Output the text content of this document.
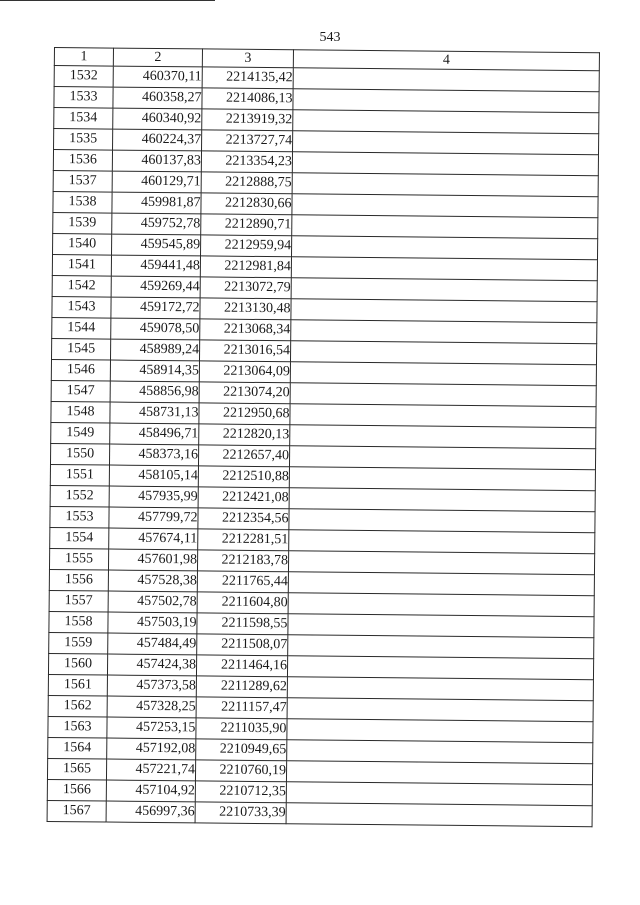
543
1	2	3	4
1532	460370,11	2214135,42	
1533	460358,27	2214086,13	
1534	460340,92	2213919,32	
1535	460224,37	2213727,74	
1536	460137,83	2213354,23	
1537	460129,71	2212888,75	
1538	459981,87	2212830,66	
1539	459752,78	2212890,71	
1540	459545,89	2212959,94	
1541	459441,48	2212981,84	
1542	459269,44	2213072,79	
1543	459172,72	2213130,48	
1544	459078,50	2213068,34	
1545	458989,24	2213016,54	
1546	458914,35	2213064,09	
1547	458856,98	2213074,20	
1548	458731,13	2212950,68	
1549	458496,71	2212820,13	
1550	458373,16	2212657,40	
1551	458105,14	2212510,88	
1552	457935,99	2212421,08	
1553	457799,72	2212354,56	
1554	457674,11	2212281,51	
1555	457601,98	2212183,78	
1556	457528,38	2211765,44	
1557	457502,78	2211604,80	
1558	457503,19	2211598,55	
1559	457484,49	2211508,07	
1560	457424,38	2211464,16	
1561	457373,58	2211289,62	
1562	457328,25	2211157,47	
1563	457253,15	2211035,90	
1564	457192,08	2210949,65	
1565	457221,74	2210760,19	
1566	457104,92	2210712,35	
1567	456997,36	2210733,39	
